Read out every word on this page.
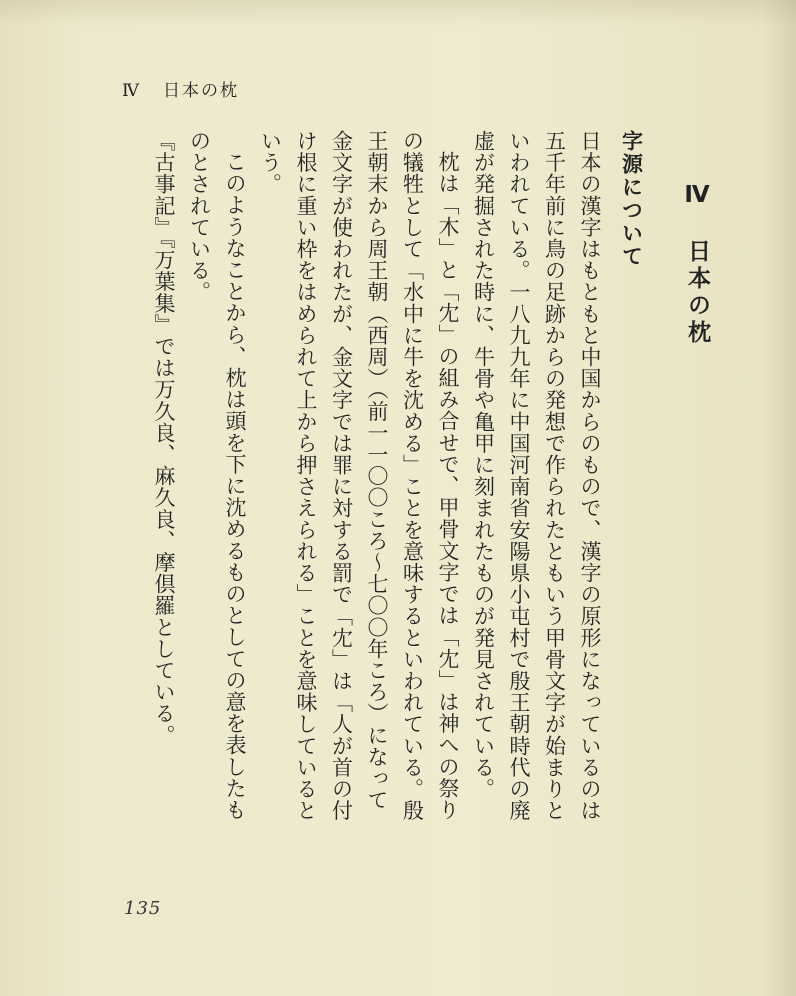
Ⅳ 日本の枕

Ⅳ　日本の枕

字源について

日本の漢字はもともと中国からのもので、漢字の原形になっているのは五千年前に鳥の足跡からの発想で作られたともいう甲骨文字が始まりといわれている。一八九九年に中国河南省安陽県小屯村で殷王朝時代の廃虚が発掘された時に、牛骨や亀甲に刻まれたものが発見されている。

枕は「木」と「冘」の組み合せで、甲骨文字では「冘」は神への祭りの犠牲として「水中に牛を沈める」ことを意味するといわれている。殷王朝末から周王朝（西周）（前一一〇〇ころ～七〇〇年ころ）になって金文字が使われたが、金文字では罪に対する罰で「冘」は「人が首の付け根に重い枠をはめられて上から押さえられる」ことを意味しているという。

このようなことから、枕は頭を下に沈めるものとしての意を表したものとされている。

『古事記』『万葉集』では万久良、麻久良、摩倶羅としている。

135
